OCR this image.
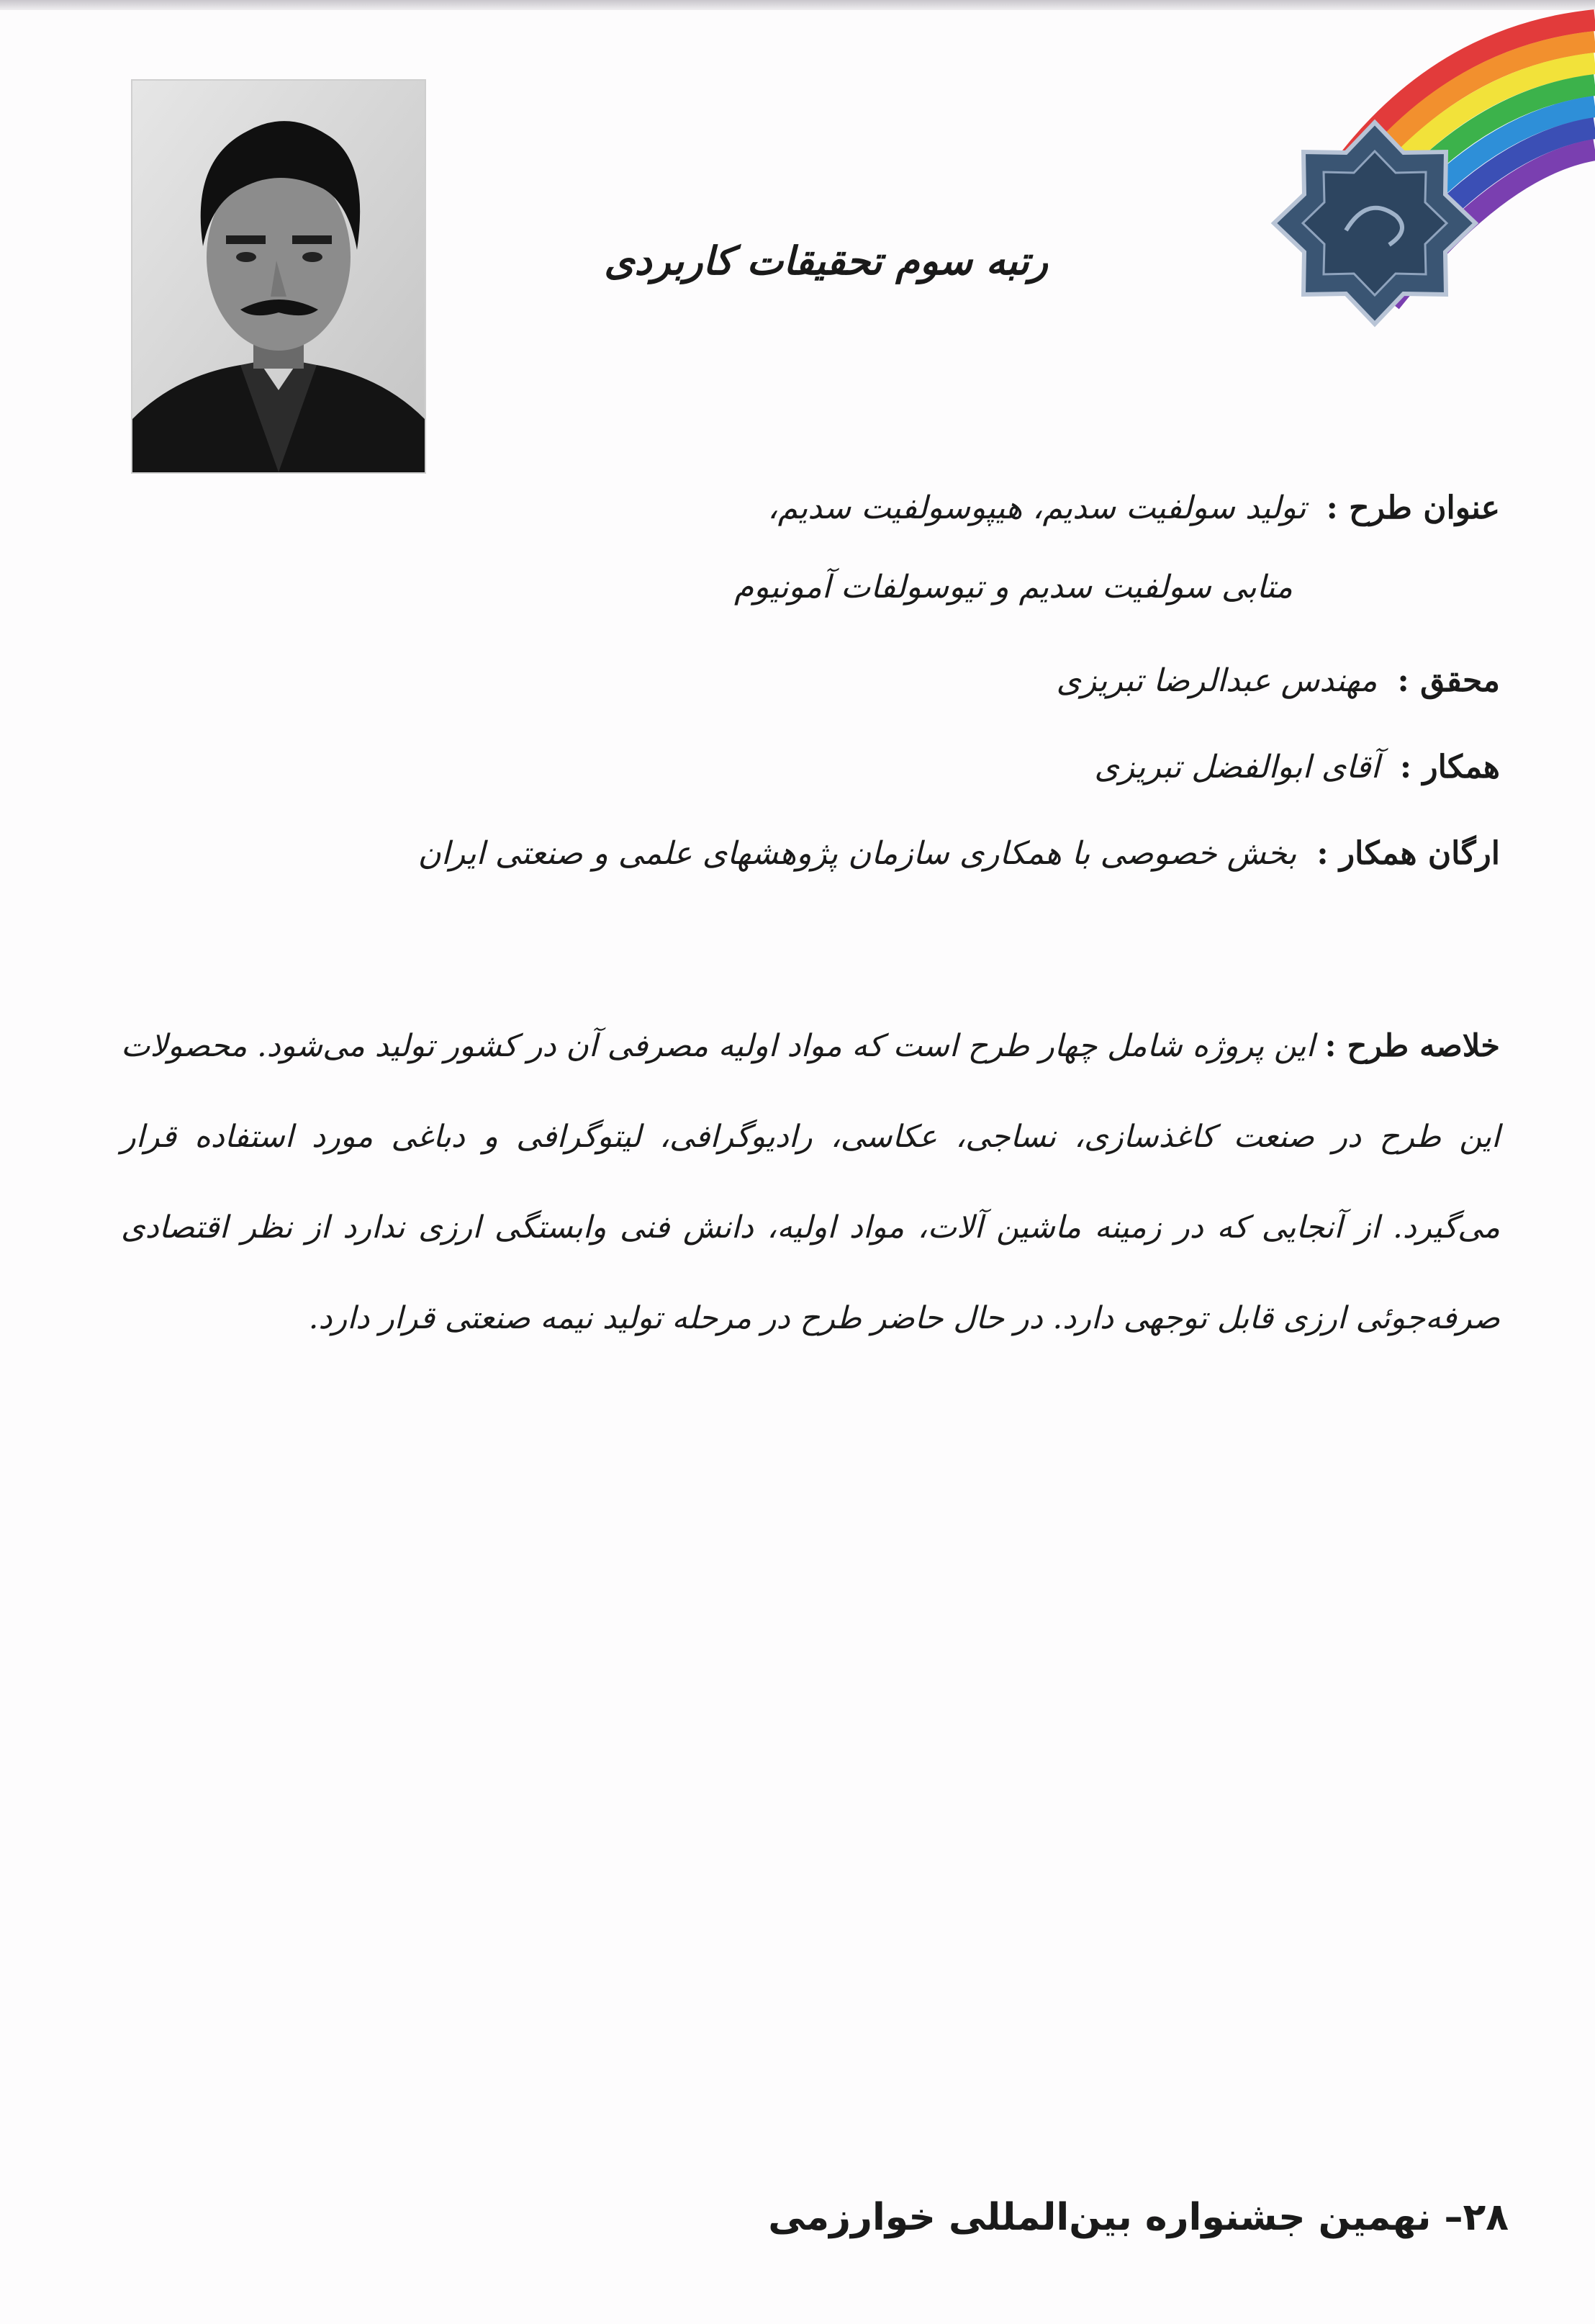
رتبه سوم تحقیقات کاربردی
عنوان طرح : تولید سولفیت سدیم، هیپوسولفیت سدیم،
متابی سولفیت سدیم و تیوسولفات آمونیوم
محقق : مهندس عبدالرضا تبریزی
همکار : آقای ابوالفضل تبریزی
ارگان همکار : بخش خصوصی با همکاری سازمان پژوهشهای علمی و صنعتی ایران
خلاصه طرح :این پروژه شامل چهار طرح است که مواد اولیه مصرفی آن در کشور تولید می‌شود. محصولات این طرح در صنعت کاغذسازی، نساجی، عکاسی، رادیوگرافی، لیتوگرافی و دباغی مورد استفاده قرار می‌گیرد. از آنجایی که در زمینه ماشین آلات، مواد اولیه، دانش فنی وابستگی ارزی ندارد از نظر اقتصادی صرفه‌جوئی ارزی قابل توجهی دارد. در حال حاضر طرح در مرحله تولید نیمه صنعتی قرار دارد.
۲۸– نهمین جشنواره بین‌المللی خوارزمی
